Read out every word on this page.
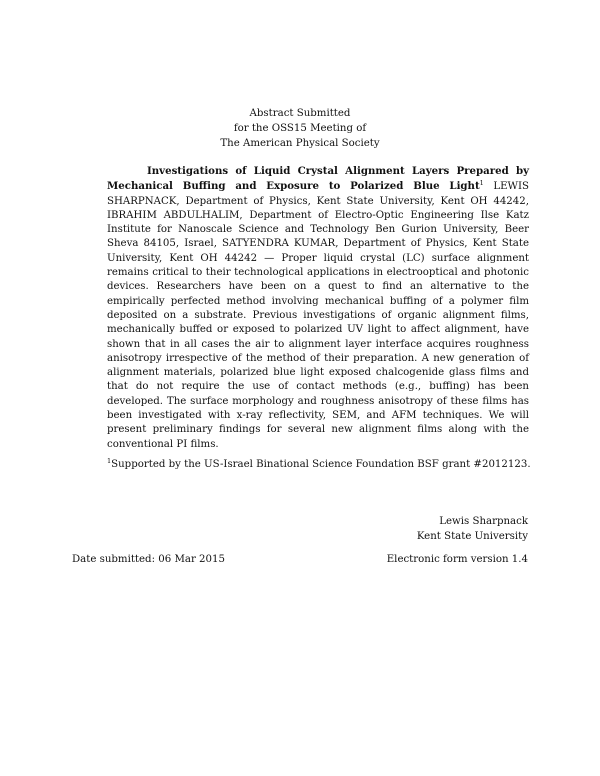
Abstract Submitted
for the OSS15 Meeting of
The American Physical Society
Investigations of Liquid Crystal Alignment Layers Prepared by Mechanical Buffing and Exposure to Polarized Blue Light$^1$ LEWIS SHARPNACK, Department of Physics, Kent State University, Kent OH 44242, IBRAHIM ABDULHALIM, Department of Electro-Optic Engineering Ilse Katz Institute for Nanoscale Science and Technology Ben Gurion University, Beer Sheva 84105, Israel, SATYENDRA KUMAR, Department of Physics, Kent State University, Kent OH 44242 — Proper liquid crystal (LC) surface alignment remains critical to their technological applications in electrooptical and photonic devices. Researchers have been on a quest to find an alternative to the empirically perfected method involving mechanical buffing of a polymer film deposited on a substrate. Previous investigations of organic alignment films, mechanically buffed or exposed to polarized UV light to affect alignment, have shown that in all cases the air to alignment layer interface acquires roughness anisotropy irrespective of the method of their preparation. A new generation of alignment materials, polarized blue light exposed chalcogenide glass films and that do not require the use of contact methods (e.g., buffing) has been developed. The surface morphology and roughness anisotropy of these films has been investigated with x-ray reflectivity, SEM, and AFM techniques. We will present preliminary findings for several new alignment films along with the conventional PI films.
$^1$Supported by the US-Israel Binational Science Foundation BSF grant #2012123.
Lewis Sharpnack
Kent State University
Date submitted: 06 Mar 2015	Electronic form version 1.4
